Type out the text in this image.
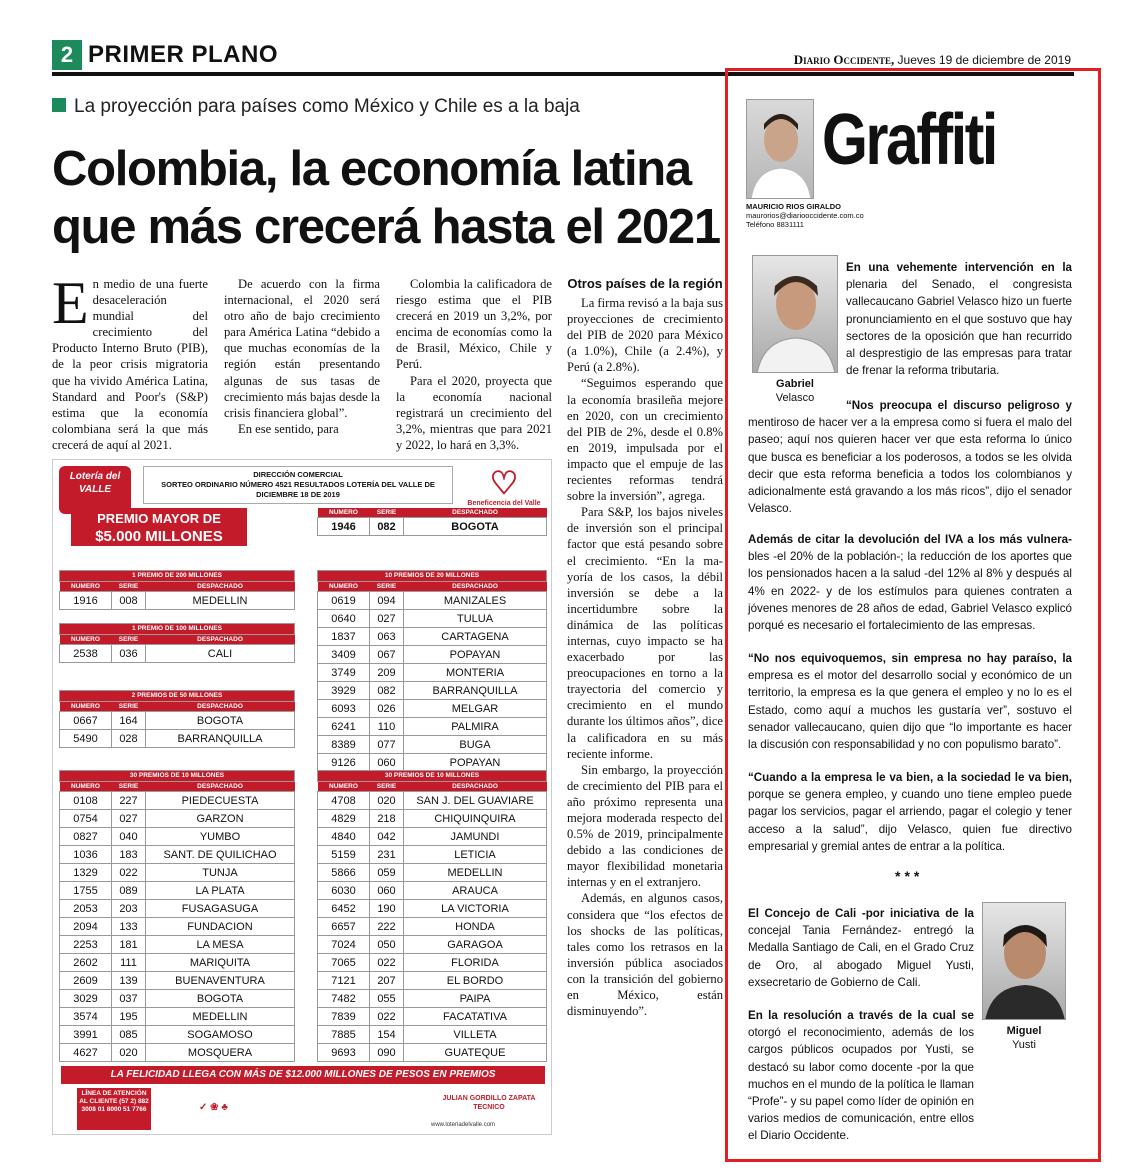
2 PRIMER PLANO	Diario Occidente, Jueves 19 de diciembre de 2019
La proyección para países como México y Chile es a la baja
Colombia, la economía latina que más crecerá hasta el 2021

En medio de una fuerte desaceleración mundial del crecimiento del Producto Interno Bruto (PIB), de la peor crisis migratoria que ha vivido América Latina, Standard and Poor's (S&P) estima que la economía colombiana será la que más crecerá de aquí al 2021.

De acuerdo con la firma internacional, el 2020 será otro año de bajo crecimiento para América Latina “debido a que muchas economías de la región están presentando algunas de sus tasas de crecimiento más bajas desde la crisis financiera global”.

En ese sentido, para

Colombia la calificadora de riesgo estima que el PIB crecerá en 2019 un 3,2%, por encima de economías como la de Brasil, México, Chile y Perú.

Para el 2020, proyecta que la economía nacional registrará un crecimiento del 3,2%, mientras que para 2021 y 2022, lo hará en 3,3%.

Otros países de la región

La firma revisó a la baja sus proyecciones de crecimiento del PIB de 2020 para México (a 1.0%), Chile (a 2.4%), y Perú (a 2.8%).

“Seguimos esperando que la economía brasileña mejore en 2020, con un crecimiento del PIB de 2%, desde el 0.8% en 2019, impulsada por el impacto que el empuje de las recientes reformas tendrá sobre la inversión”, agrega.

Para S&P, los bajos niveles de inversión son el principal factor que está pesando sobre el crecimiento. “En la ma-yoría de los casos, la débil inversión se debe a la incertidumbre sobre la dinámica de las políticas internas, cuyo impacto se ha exacerbado por las preocupaciones en torno a la trayectoria del comercio y crecimiento en el mundo durante los últimos años”, dice la calificadora en su más reciente informe.

Sin embargo, la proyección de crecimiento del PIB para el año próximo representa una mejora moderada respecto del 0.5% de 2019, principalmente debido a las condiciones de mayor flexibilidad monetaria internas y en el extranjero.

Además, en algunos casos, considera que “los efectos de los shocks de las políticas, tales como los retrasos en la inversión pública asociados con la transición del gobierno en México, están disminuyendo”.

Lotería del VALLE
DIRECCIÓN COMERCIAL
SORTEO ORDINARIO NÚMERO 4521 RESULTADOS LOTERÍA DEL VALLE DE DICIEMBRE 18 DE 2019	♡
Beneficencia del Valle
PREMIO MAYOR DE
$5.000 MILLONES
NUMERO	SERIE	DESPACHADO
1946	082	BOGOTA
1 PREMIO DE 200 MILLONES		
NUMERO	SERIE	DESPACHADO
1916	008	MEDELLIN
1 PREMIO DE 100 MILLONES		
NUMERO	SERIE	DESPACHADO
2538	036	CALI
2 PREMIOS DE 50 MILLONES		
NUMERO	SERIE	DESPACHADO
0667	164	BOGOTA
5490	028	BARRANQUILLA
10 PREMIOS DE 20 MILLONES		
NUMERO	SERIE	DESPACHADO
0619	094	MANIZALES
0640	027	TULUA
1837	063	CARTAGENA
3409	067	POPAYAN
3749	209	MONTERIA
3929	082	BARRANQUILLA
6093	026	MELGAR
6241	110	PALMIRA
8389	077	BUGA
9126	060	POPAYAN
30 PREMIOS DE 10 MILLONES		
NUMERO	SERIE	DESPACHADO
0108	227	PIEDECUESTA
0754	027	GARZON
0827	040	YUMBO
1036	183	SANT. DE QUILICHAO
1329	022	TUNJA
1755	089	LA PLATA
2053	203	FUSAGASUGA
2094	133	FUNDACION
2253	181	LA MESA
2602	111	MARIQUITA
2609	139	BUENAVENTURA
3029	037	BOGOTA
3574	195	MEDELLIN
3991	085	SOGAMOSO
4627	020	MOSQUERA
30 PREMIOS DE 10 MILLONES		
NUMERO	SERIE	DESPACHADO
4708	020	SAN J. DEL GUAVIARE
4829	218	CHIQUINQUIRA
4840	042	JAMUNDI
5159	231	LETICIA
5866	059	MEDELLIN
6030	060	ARAUCA
6452	190	LA VICTORIA
6657	222	HONDA
7024	050	GARAGOA
7065	022	FLORIDA
7121	207	EL BORDO
7482	055	PAIPA
7839	022	FACATATIVA
7885	154	VILLETA
9693	090	GUATEQUE
LA FELICIDAD LLEGA CON MÁS DE $12.000 MILLONES DE PESOS EN PREMIOS
LÍNEA DE ATENCIÓN AL CLIENTE (57 2) 882 3008 01 8000 51 7766	✓ ❀ ♣
JULIAN GORDILLO ZAPATA
TECNICO
www.loteriadelvalle.com
Graffiti
MAURICIO RIOS GIRALDO
maurorios@diariooccidente.com.co
Teléfono 8831111
Gabriel
Velasco
En una vehemente intervención en la plenaria del Senado, el congresista vallecaucano Gabriel Velasco hizo un fuerte pronunciamiento en el que sostuvo que hay sectores de la oposición que han recurrido al desprestigio de las empresas para tratar de frenar la reforma tributaria.
“Nos preocupa el discurso peligroso y mentiroso de hacer ver a la empresa como si fuera el malo del paseo; aquí nos quieren hacer ver que esta reforma lo único que busca es beneficiar a los poderosos, a todos se les olvida decir que esta reforma beneficia a todos los colombianos y adicionalmente está gravando a los más ricos”, dijo el senador Velasco.
Además de citar la devolución del IVA a los más vulnera-bles -el 20% de la población-; la reducción de los aportes que los pensionados hacen a la salud -del 12% al 8% y después al 4% en 2022- y de los estímulos para quienes contraten a jóvenes menores de 28 años de edad, Gabriel Velasco explicó porqué es necesario el fortalecimiento de las empresas.
“No nos equivoquemos, sin empresa no hay paraíso, la empresa es el motor del desarrollo social y económico de un territorio, la empresa es la que genera el empleo y no lo es el Estado, como aquí a muchos les gustaría ver”, sostuvo el senador vallecaucano, quien dijo que “lo importante es hacer la discusión con responsabilidad y no con populismo barato”.
“Cuando a la empresa le va bien, a la sociedad le va bien, porque se genera empleo, y cuando uno tiene empleo puede pagar los servicios, pagar el arriendo, pagar el colegio y tener acceso a la salud”, dijo Velasco, quien fue directivo empresarial y gremial antes de entrar a la política.
***
El Concejo de Cali -por iniciativa de la concejal Tania Fernández- entregó la Medalla Santiago de Cali, en el Grado Cruz de Oro, al abogado Miguel Yusti, exsecretario de Gobierno de Cali.
En la resolución a través de la cual se otorgó el reconocimiento, además de los cargos públicos ocupados por Yusti, se destacó su labor como docente -por la que muchos en el mundo de la política le llaman “Profe”- y su papel como líder de opinión en varios medios de comunicación, entre ellos el Diario Occidente.
Miguel
Yusti
